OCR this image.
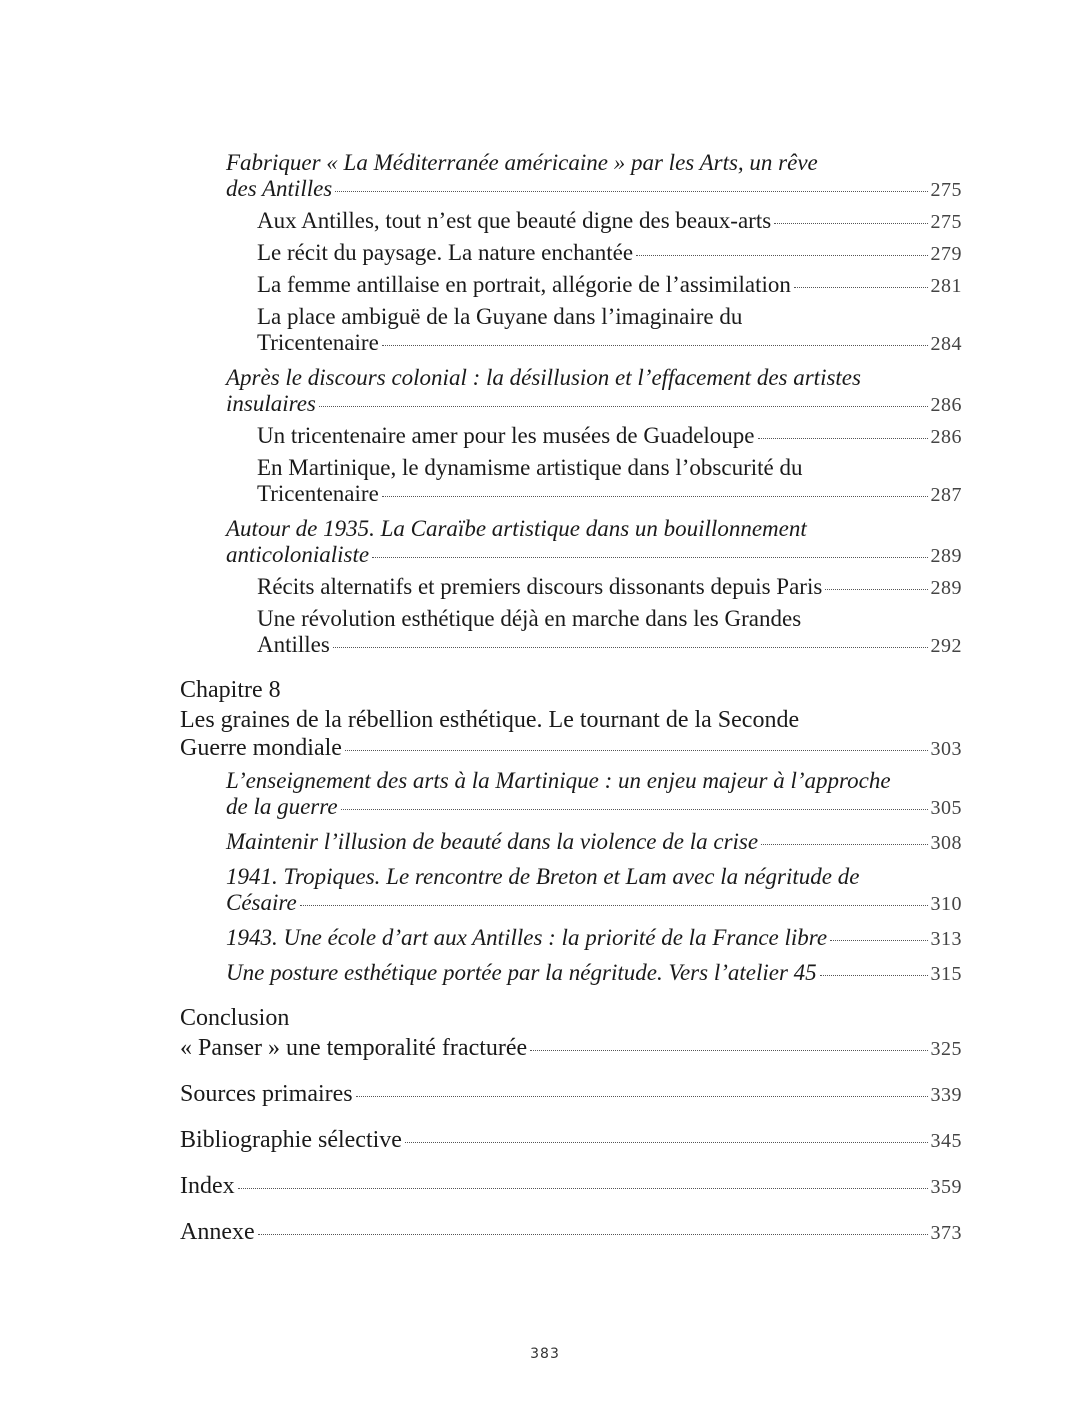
Fabriquer « La Méditerranée américaine » par les Arts, un rêve
des Antilles	275
Aux Antilles, tout n’est que beauté digne des beaux-arts	275
Le récit du paysage. La nature enchantée	279
La femme antillaise en portrait, allégorie de l’assimilation	281
La place ambiguë de la Guyane dans l’imaginaire du
Tricentenaire	284
Après le discours colonial : la désillusion et l’effacement des artistes
insulaires	286
Un tricentenaire amer pour les musées de Guadeloupe	286
En Martinique, le dynamisme artistique dans l’obscurité du
Tricentenaire	287
Autour de 1935. La Caraïbe artistique dans un bouillonnement
anticolonialiste	289
Récits alternatifs et premiers discours dissonants depuis Paris	289
Une révolution esthétique déjà en marche dans les Grandes
Antilles	292
Chapitre 8
Les graines de la rébellion esthétique. Le tournant de la Seconde
Guerre mondiale	303
L’enseignement des arts à la Martinique : un enjeu majeur à l’approche
de la guerre	305
Maintenir l’illusion de beauté dans la violence de la crise	308
1941. Tropiques. Le rencontre de Breton et Lam avec la négritude de
Césaire	310
1943. Une école d’art aux Antilles : la priorité de la France libre	313
Une posture esthétique portée par la négritude. Vers l’atelier 45	315
Conclusion
« Panser » une temporalité fracturée	325
Sources primaires	339
Bibliographie sélective	345
Index	359
Annexe	373
383
